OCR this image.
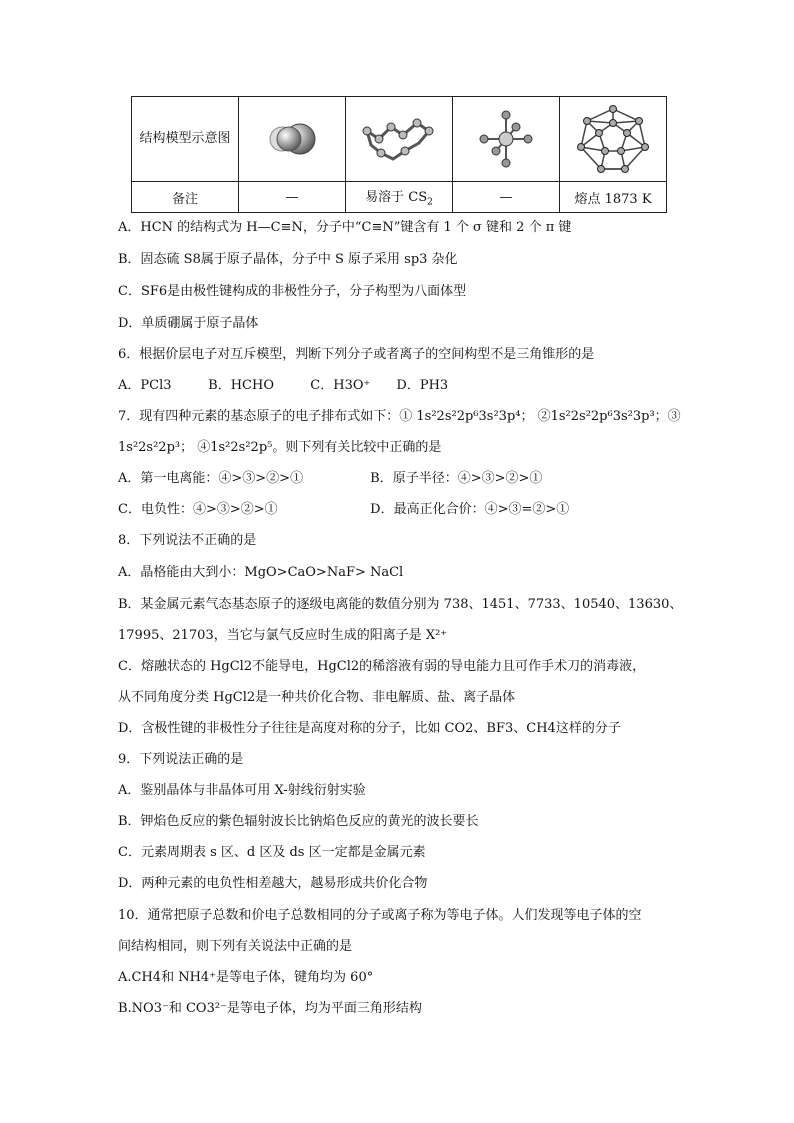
结构模型示意图	

备注	—	易溶于 $CS_2$	—	熔点 1873 K
A．HCN 的结构式为 H—C≡N，分子中“C≡N”键含有 1 个 σ 键和 2 个 π 键
B．固态硫 S8属于原子晶体，分子中 S 原子采用 sp3 杂化
C．SF6是由极性键构成的非极性分子，分子构型为八面体型
D．单质硼属于原子晶体
6．根据价层电子对互斥模型，判断下列分子或者离子的空间构型不是三角锥形的是
A．PCl3	B．HCHO	C．H3O⁺ D．PH3
7．现有四种元素的基态原子的电子排布式如下：① 1s²2s²2p⁶3s²3p⁴； ②1s²2s²2p⁶3s²3p³；③
1s²2s²2p³； ④1s²2s²2p⁵。则下列有关比较中正确的是
A．第一电离能：④>③>②>①	B．原子半径：④>③>②>①
C．电负性：④>③>②>①	D．最高正化合价：④>③=②>①
8．下列说法不正确的是
A．晶格能由大到小：MgO>CaO>NaF> NaCl
B．某金属元素气态基态原子的逐级电离能的数值分别为 738、1451、7733、10540、13630、
17995、21703，当它与氯气反应时生成的阳离子是 X²⁺
C．熔融状态的 HgCl2不能导电，HgCl2的稀溶液有弱的导电能力且可作手术刀的消毒液，
从不同角度分类 HgCl2是一种共价化合物、非电解质、盐、离子晶体
D．含极性键的非极性分子往往是高度对称的分子，比如 CO2、BF3、CH4这样的分子
9．下列说法正确的是
A．鉴别晶体与非晶体可用 X-射线衍射实验
B．钾焰色反应的紫色辐射波长比钠焰色反应的黄光的波长要长
C．元素周期表 s 区、d 区及 ds 区一定都是金属元素
D．两种元素的电负性相差越大，越易形成共价化合物
10．通常把原子总数和价电子总数相同的分子或离子称为等电子体。人们发现等电子体的空
间结构相同，则下列有关说法中正确的是
A.CH4和 NH4⁺是等电子体，键角均为 60°
B.NO3⁻和 CO3²⁻是等电子体，均为平面三角形结构
